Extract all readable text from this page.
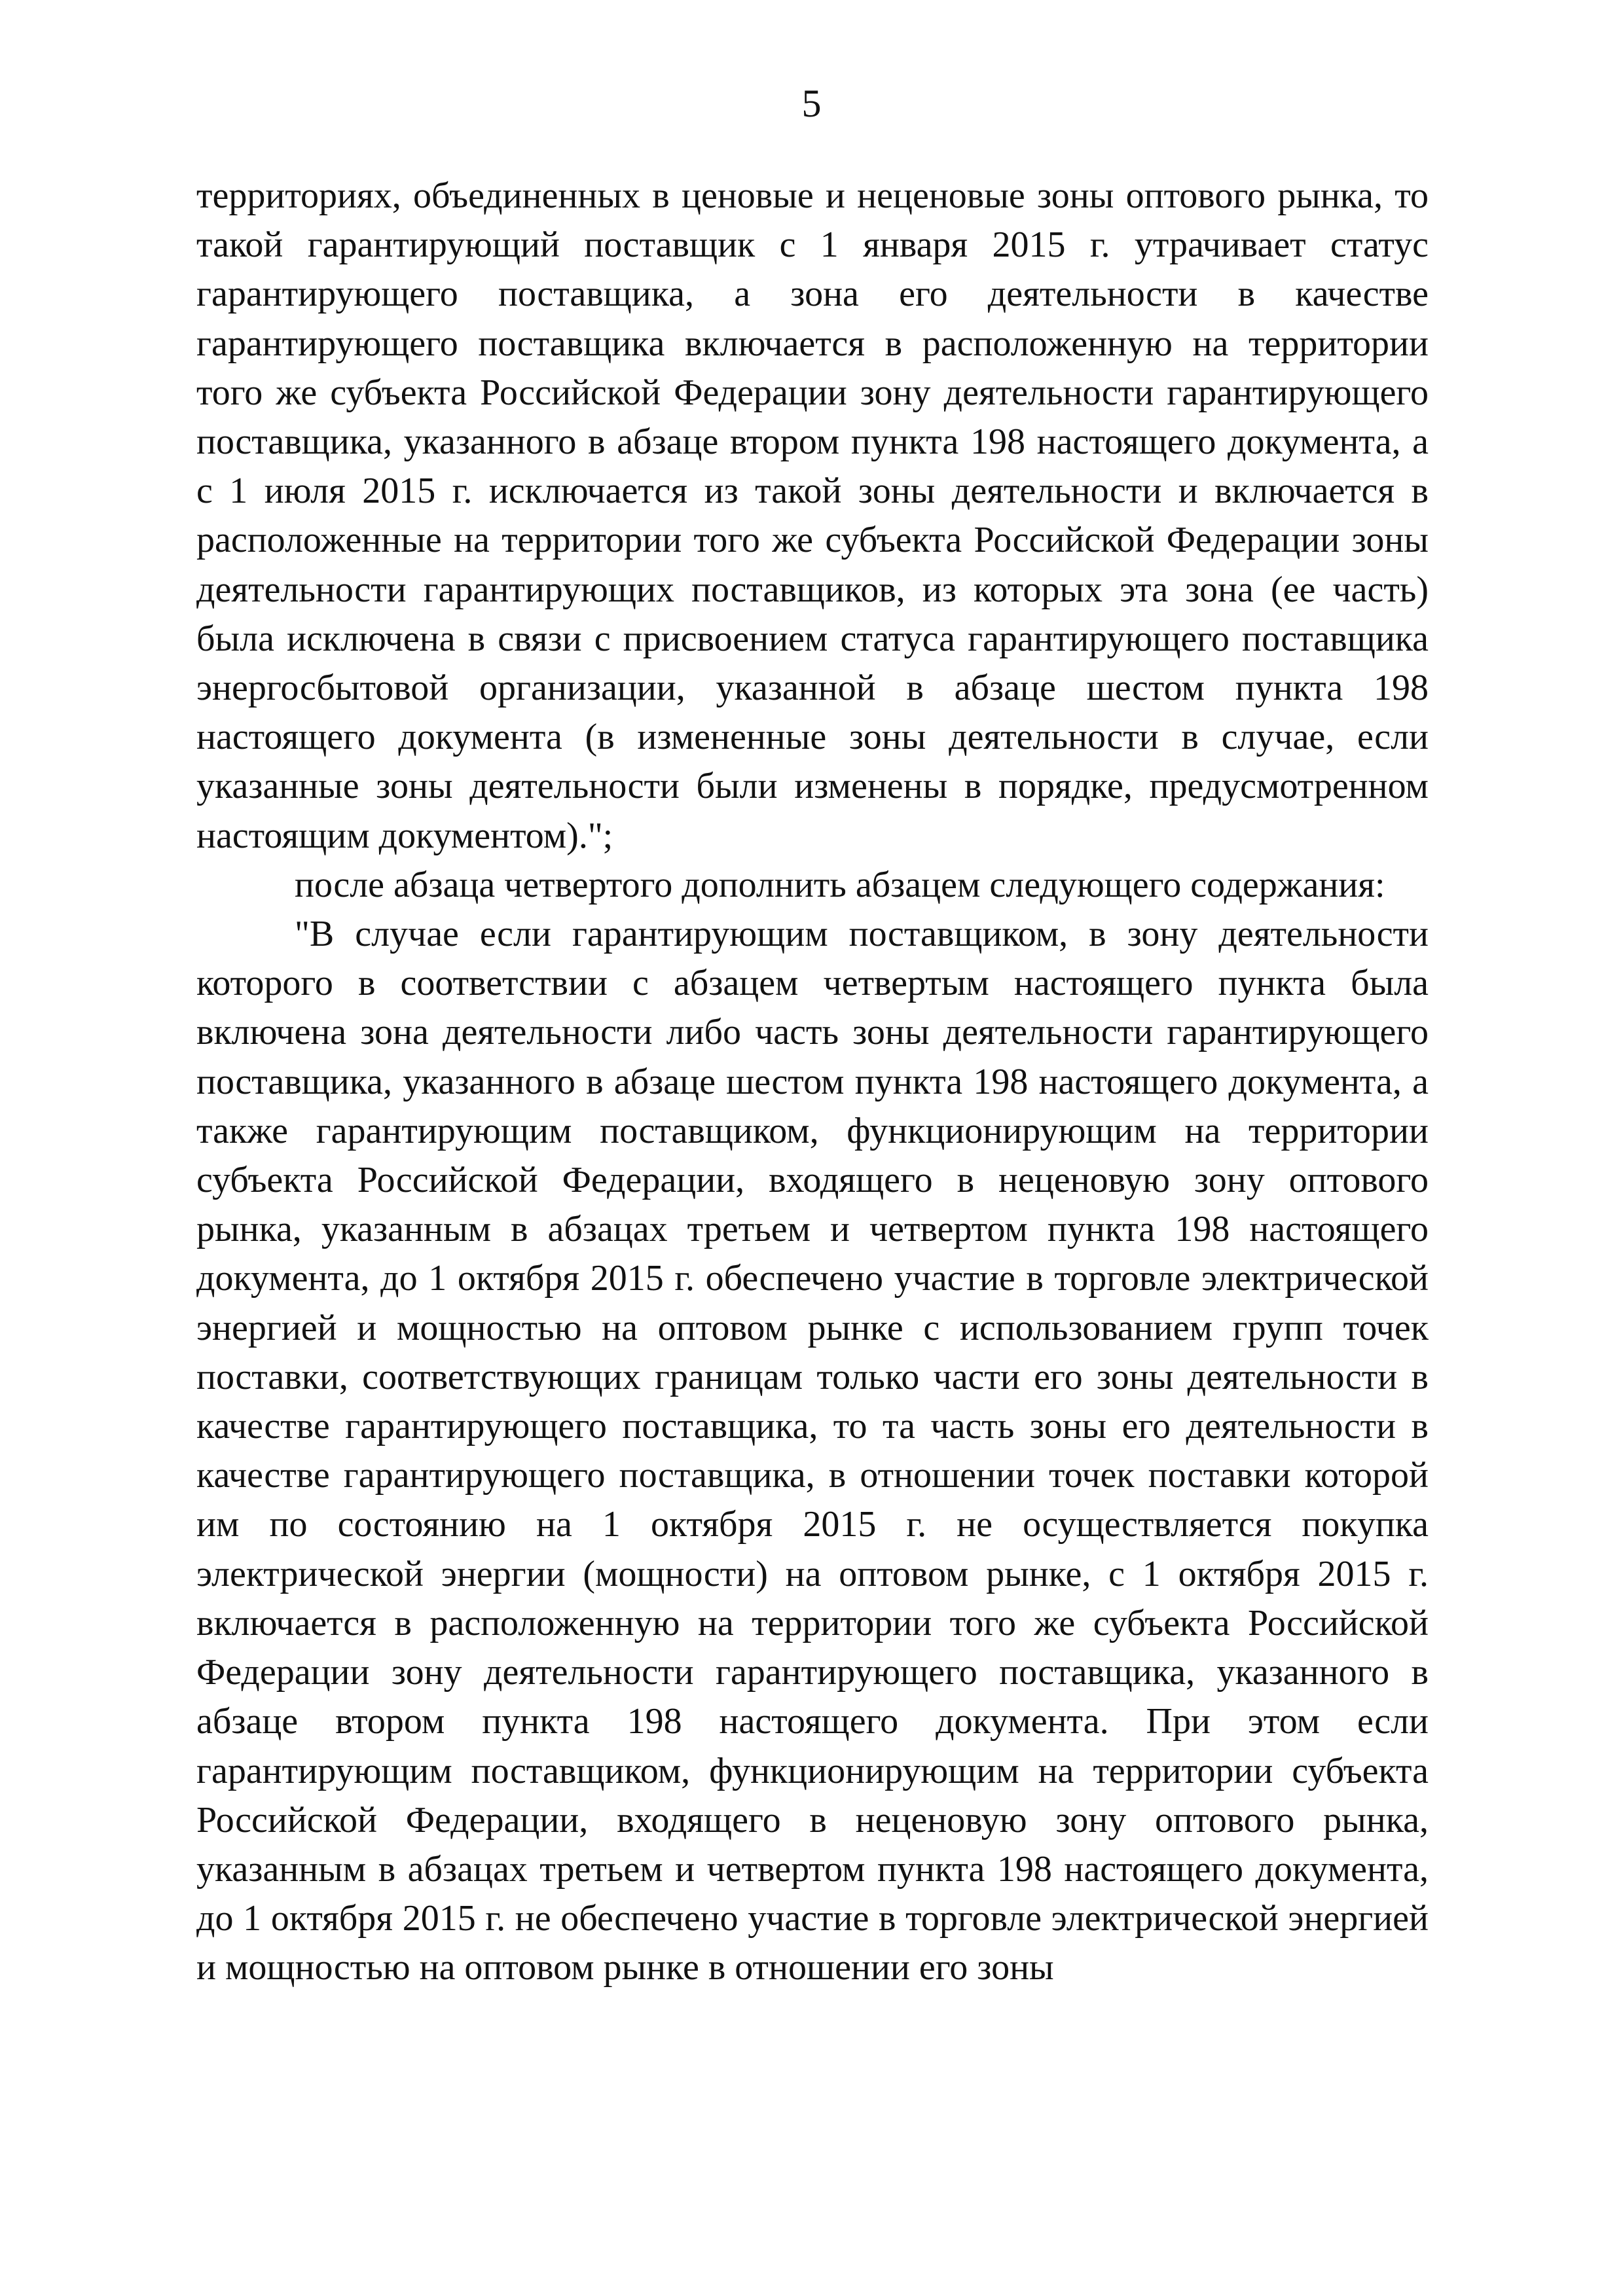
5

территориях, объединенных в ценовые и неценовые зоны оптового рынка, то такой гарантирующий поставщик с 1 января 2015 г. утрачивает статус гарантирующего поставщика, а зона его деятельности в качестве гарантирующего поставщика включается в расположенную на территории того же субъекта Российской Федерации зону деятельности гарантирующего поставщика, указанного в абзаце втором пункта 198 настоящего документа, а с 1 июля 2015 г. исключается из такой зоны деятельности и включается в расположенные на территории того же субъекта Российской Федерации зоны деятельности гарантирующих поставщиков, из которых эта зона (ее часть) была исключена в связи с присвоением статуса гарантирующего поставщика энергосбытовой организации, указанной в абзаце шестом пункта 198 настоящего документа (в измененные зоны деятельности в случае, если указанные зоны деятельности были изменены в порядке, предусмотренном настоящим документом).";

после абзаца четвертого дополнить абзацем следующего содержания:

"В случае если гарантирующим поставщиком, в зону деятельности которого в соответствии с абзацем четвертым настоящего пункта была включена зона деятельности либо часть зоны деятельности гарантирующего поставщика, указанного в абзаце шестом пункта 198 настоящего документа, а также гарантирующим поставщиком, функционирующим на территории субъекта Российской Федерации, входящего в неценовую зону оптового рынка, указанным в абзацах третьем и четвертом пункта 198 настоящего документа, до 1 октября 2015 г. обеспечено участие в торговле электрической энергией и мощностью на оптовом рынке с использованием групп точек поставки, соответствующих границам только части его зоны деятельности в качестве гарантирующего поставщика, то та часть зоны его деятельности в качестве гарантирующего поставщика, в отношении точек поставки которой им по состоянию на 1 октября 2015 г. не осуществляется покупка электрической энергии (мощности) на оптовом рынке, с 1 октября 2015 г. включается в расположенную на территории того же субъекта Российской Федерации зону деятельности гарантирующего поставщика, указанного в абзаце втором пункта 198 настоящего документа. При этом если гарантирующим поставщиком, функционирующим на территории субъекта Российской Федерации, входящего в неценовую зону оптового рынка, указанным в абзацах третьем и четвертом пункта 198 настоящего документа, до 1 октября 2015 г. не обеспечено участие в торговле электрической энергией и мощностью на оптовом рынке в отношении его зоны
